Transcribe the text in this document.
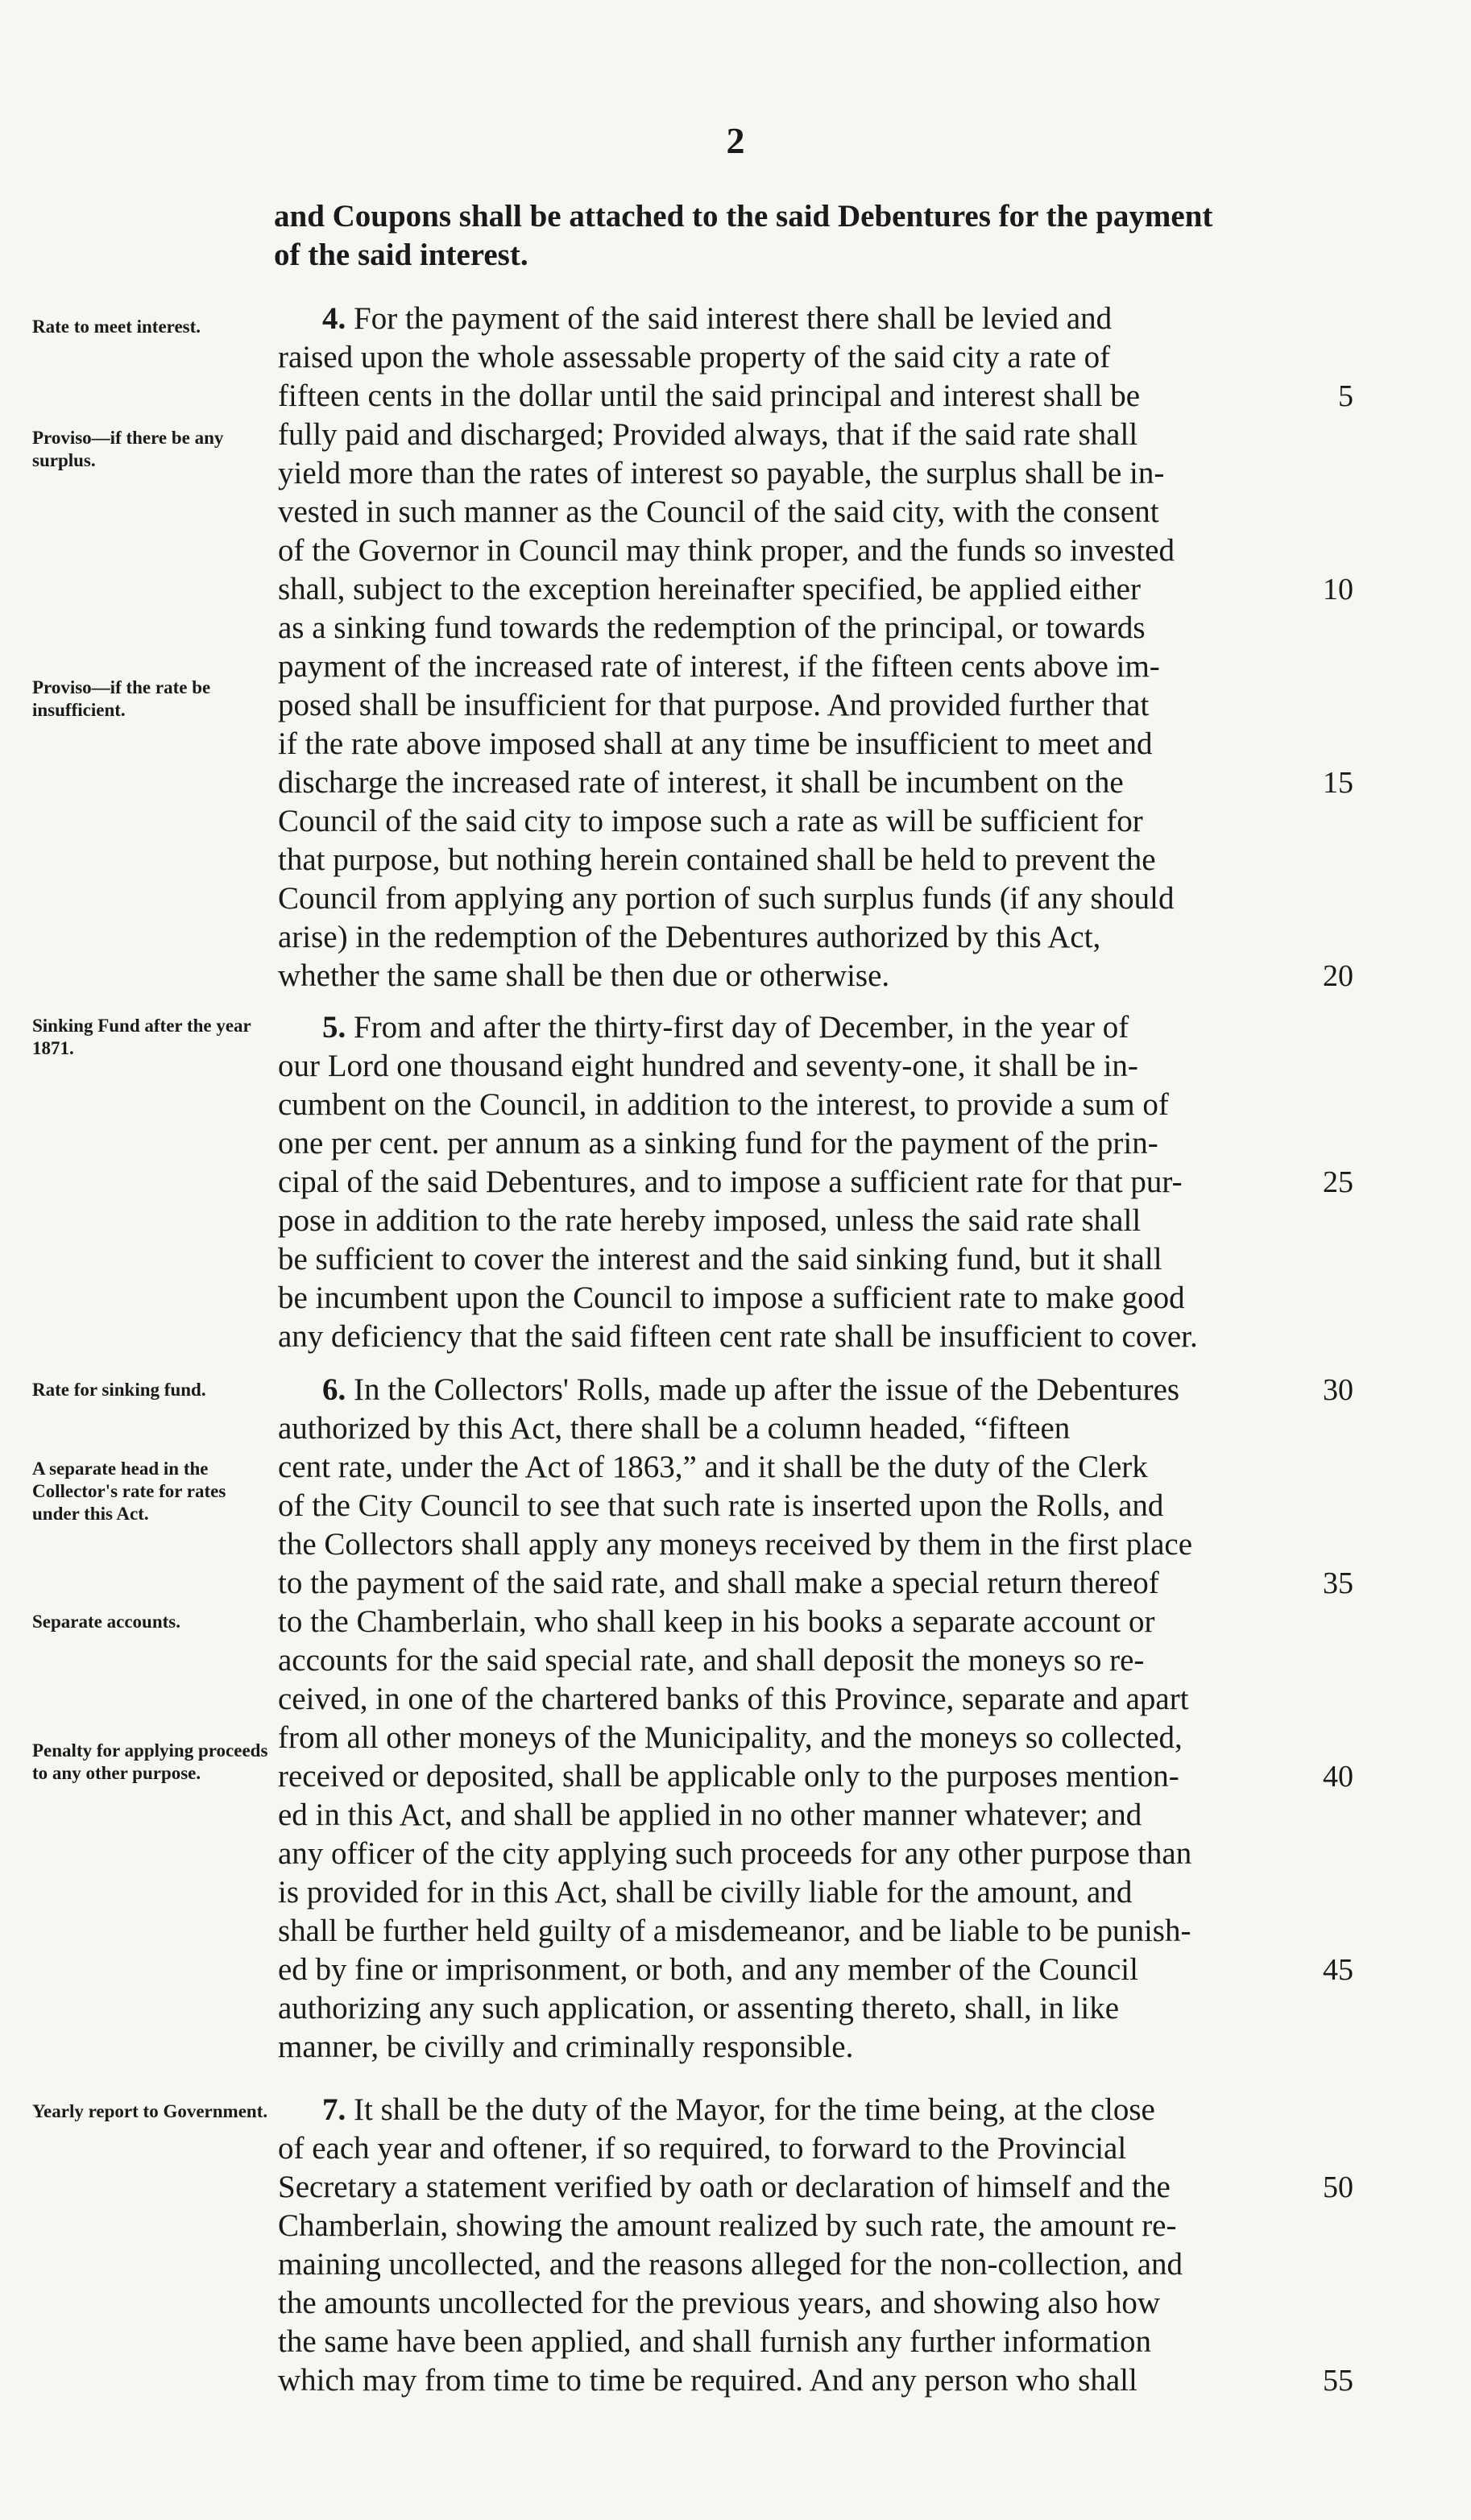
2
and Coupons shall be attached to the said Debentures for the payment
of the said interest.
Rate to meet interest.
Proviso—if there be any surplus.
Proviso—if the rate be insufficient.
4. For the payment of the said interest there shall be levied and
raised upon the whole assessable property of the said city a rate of
fifteen cents in the dollar until the said principal and interest shall be
fully paid and discharged; Provided always, that if the said rate shall
yield more than the rates of interest so payable, the surplus shall be in-
vested in such manner as the Council of the said city, with the consent
of the Governor in Council may think proper, and the funds so invested
shall, subject to the exception hereinafter specified, be applied either
as a sinking fund towards the redemption of the principal, or towards
payment of the increased rate of interest, if the fifteen cents above im-
posed shall be insufficient for that purpose. And provided further that
if the rate above imposed shall at any time be insufficient to meet and
discharge the increased rate of interest, it shall be incumbent on the
Council of the said city to impose such a rate as will be sufficient for
that purpose, but nothing herein contained shall be held to prevent the
Council from applying any portion of such surplus funds (if any should
arise) in the redemption of the Debentures authorized by this Act,
whether the same shall be then due or otherwise.
Sinking Fund after the year 1871.
5. From and after the thirty-first day of December, in the year of
our Lord one thousand eight hundred and seventy-one, it shall be in-
cumbent on the Council, in addition to the interest, to provide a sum of
one per cent. per annum as a sinking fund for the payment of the prin-
cipal of the said Debentures, and to impose a sufficient rate for that pur-
pose in addition to the rate hereby imposed, unless the said rate shall
be sufficient to cover the interest and the said sinking fund, but it shall
be incumbent upon the Council to impose a sufficient rate to make good
any deficiency that the said fifteen cent rate shall be insufficient to cover.
Rate for sinking fund.
A separate head in the Collector's rate for rates under this Act.
Separate accounts.
Penalty for applying proceeds to any other purpose.
6. In the Collectors' Rolls, made up after the issue of the Debentures
authorized by this Act, there shall be a column headed, “fifteen
cent rate, under the Act of 1863,” and it shall be the duty of the Clerk
of the City Council to see that such rate is inserted upon the Rolls, and
the Collectors shall apply any moneys received by them in the first place
to the payment of the said rate, and shall make a special return thereof
to the Chamberlain, who shall keep in his books a separate account or
accounts for the said special rate, and shall deposit the moneys so re-
ceived, in one of the chartered banks of this Province, separate and apart
from all other moneys of the Municipality, and the moneys so collected,
received or deposited, shall be applicable only to the purposes mention-
ed in this Act, and shall be applied in no other manner whatever; and
any officer of the city applying such proceeds for any other purpose than
is provided for in this Act, shall be civilly liable for the amount, and
shall be further held guilty of a misdemeanor, and be liable to be punish-
ed by fine or imprisonment, or both, and any member of the Council
authorizing any such application, or assenting thereto, shall, in like
manner, be civilly and criminally responsible.
Yearly report to Government. 7. It shall be the duty of the Mayor, for the time being, at the close
of each year and oftener, if so required, to forward to the Provincial
Secretary a statement verified by oath or declaration of himself and the
Chamberlain, showing the amount realized by such rate, the amount re-
maining uncollected, and the reasons alleged for the non-collection, and
the amounts uncollected for the previous years, and showing also how
the same have been applied, and shall furnish any further information
which may from time to time be required. And any person who shall
5
10
15
20
25
30
35
40
45
50
55
